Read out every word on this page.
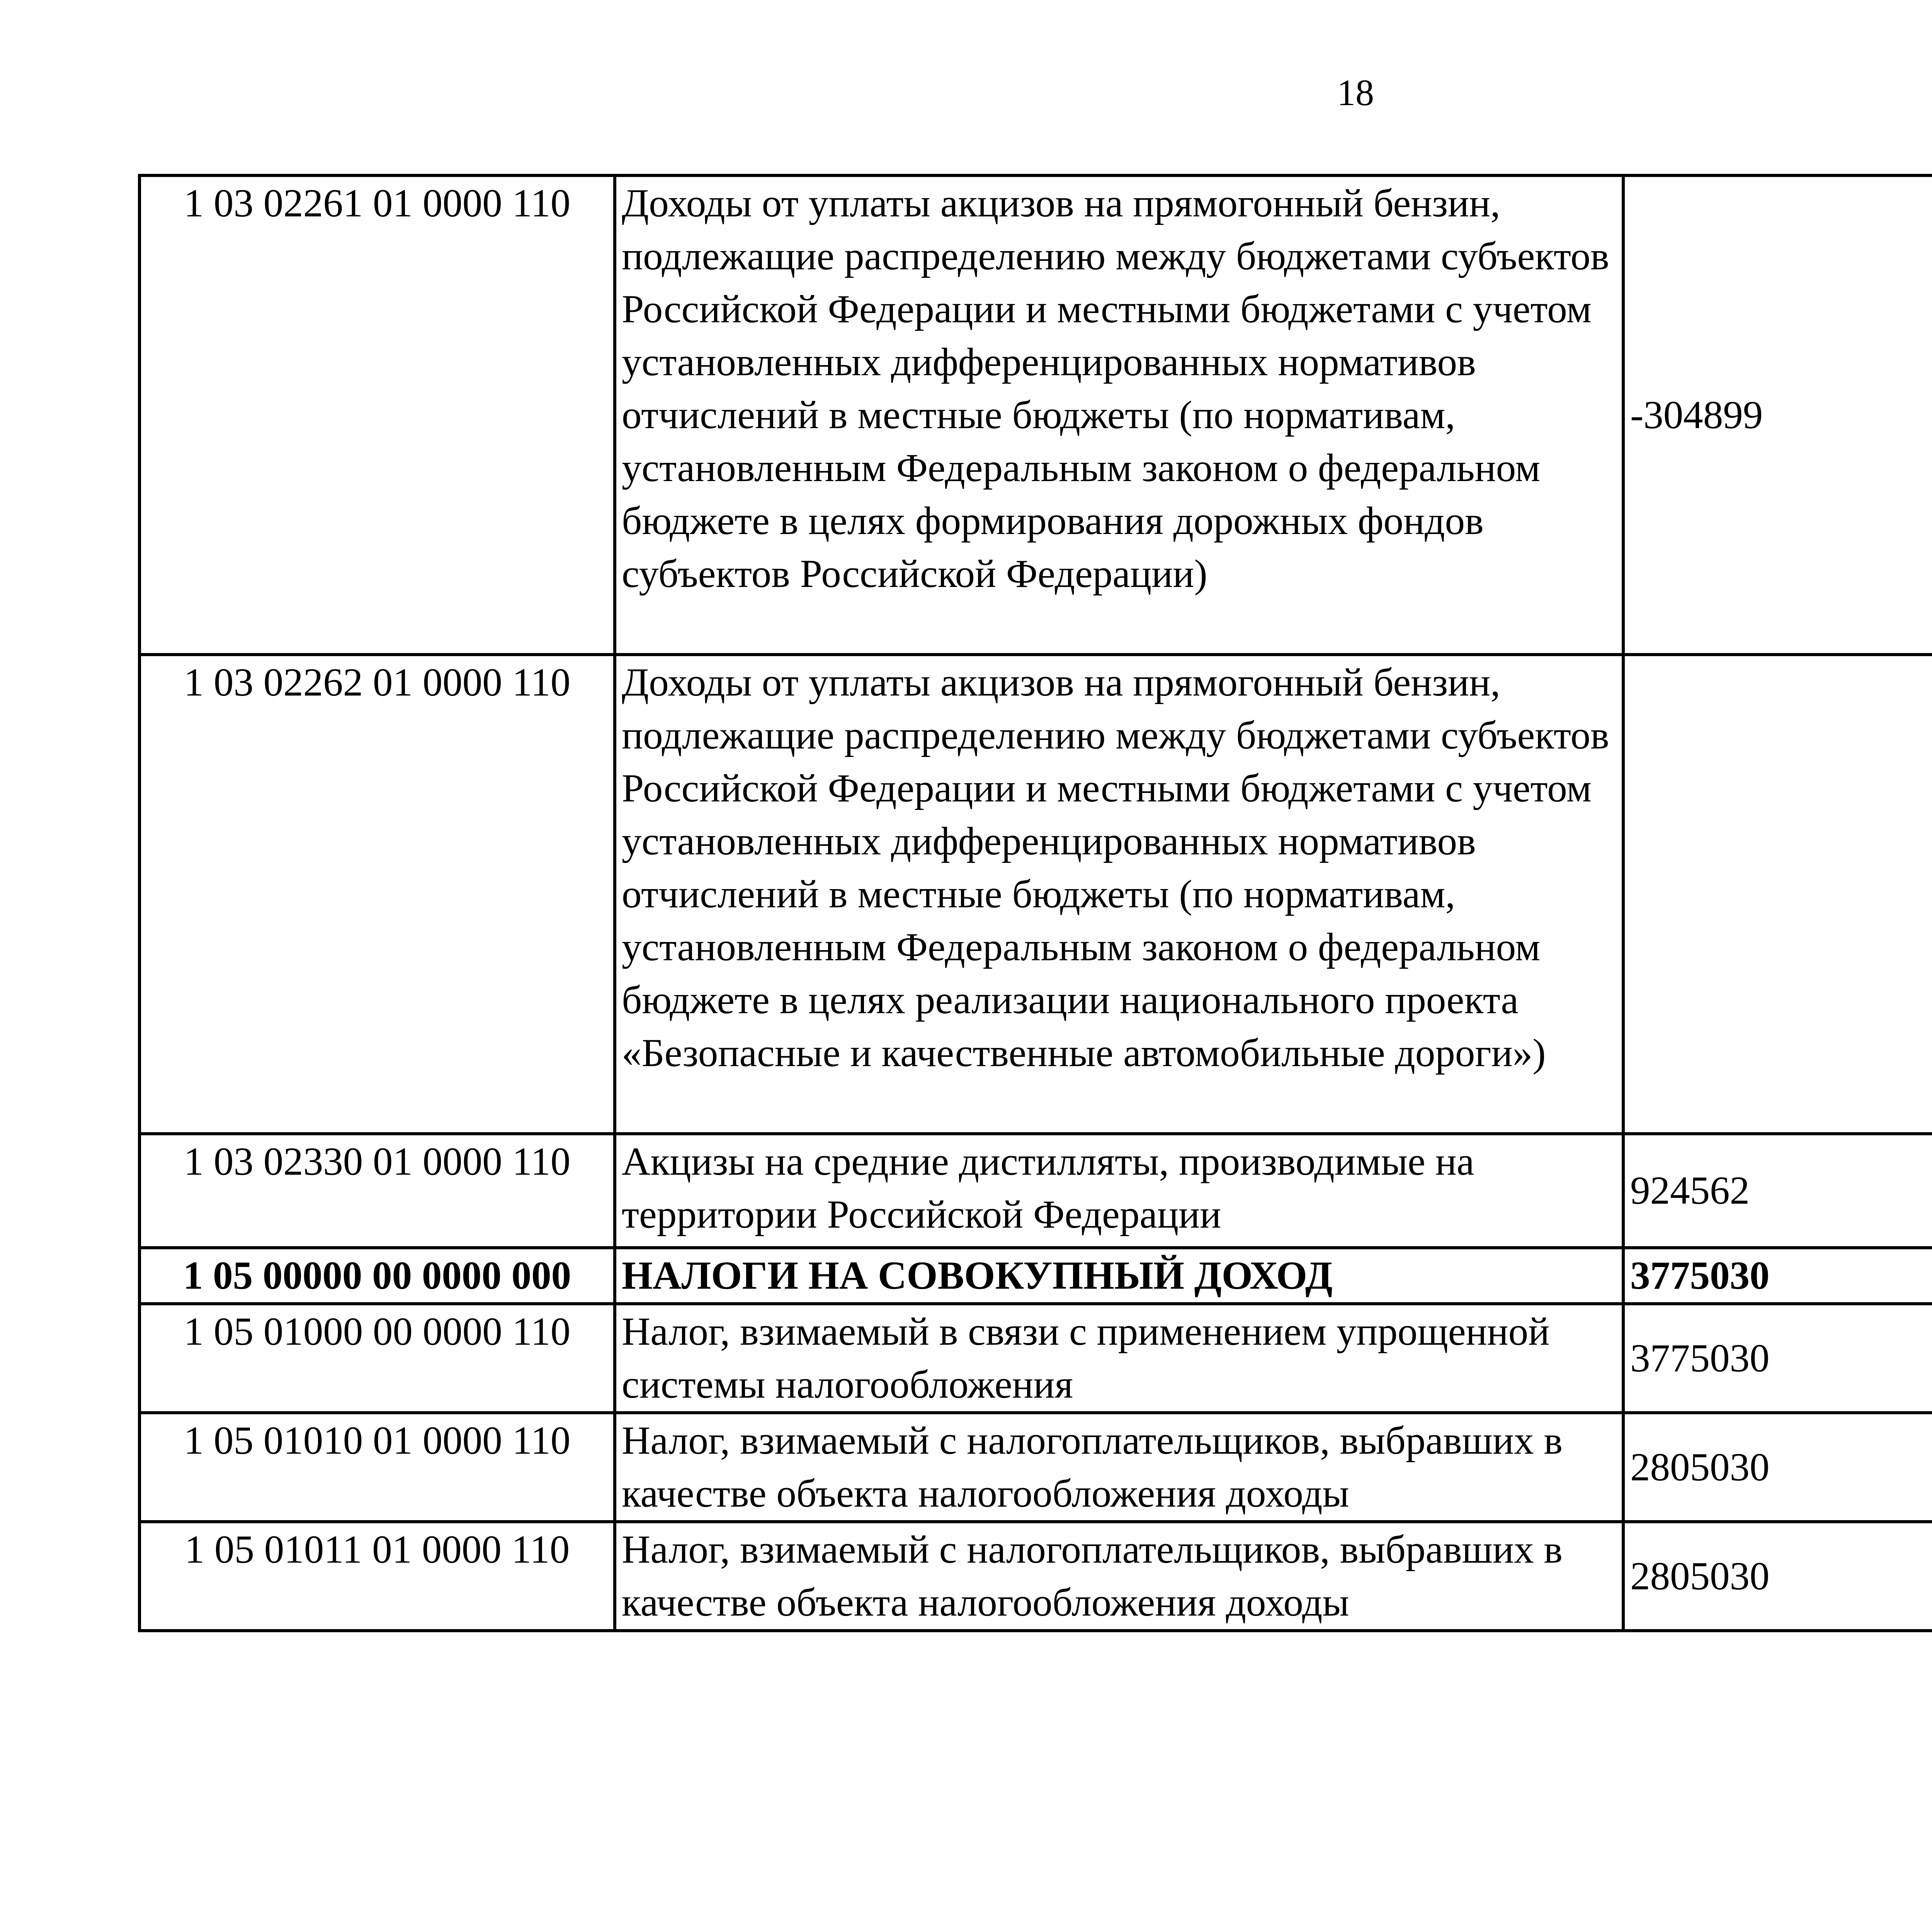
18
1 03 02261 01 0000 110	Доходы от уплаты акцизов на прямогонный бензин, подлежащие распределению между бюджетами субъектов Российской Федерации и местными бюджетами с учетом установленных дифференцированных нормативов отчислений в местные бюджеты (по нормативам, установленным Федеральным законом о федеральном бюджете в целях формирования дорожных фондов субъектов Российской Федерации)	-304899		
1 03 02262 01 0000 110	Доходы от уплаты акцизов на прямогонный бензин, подлежащие распределению между бюджетами субъектов Российской Федерации и местными бюджетами с учетом установленных дифференцированных нормативов отчислений в местные бюджеты (по нормативам, установленным Федеральным законом о федеральном бюджете в целях реализации национального проекта «Безопасные и качественные автомобильные дороги»)			
1 03 02330 01 0000 110	Акцизы на средние дистилляты, производимые на территории Российской Федерации	924562		
1 05 00000 00 0000 000	НАЛОГИ НА СОВОКУПНЫЙ ДОХОД	3775030		
1 05 01000 00 0000 110	Налог, взимаемый в связи с применением упрощенной системы налогообложения	3775030		
1 05 01010 01 0000 110	Налог, взимаемый с налогоплательщиков, выбравших в качестве объекта налогообложения доходы	2805030		
1 05 01011 01 0000 110	Налог, взимаемый с налогоплательщиков, выбравших в качестве объекта налогообложения доходы	2805030		
